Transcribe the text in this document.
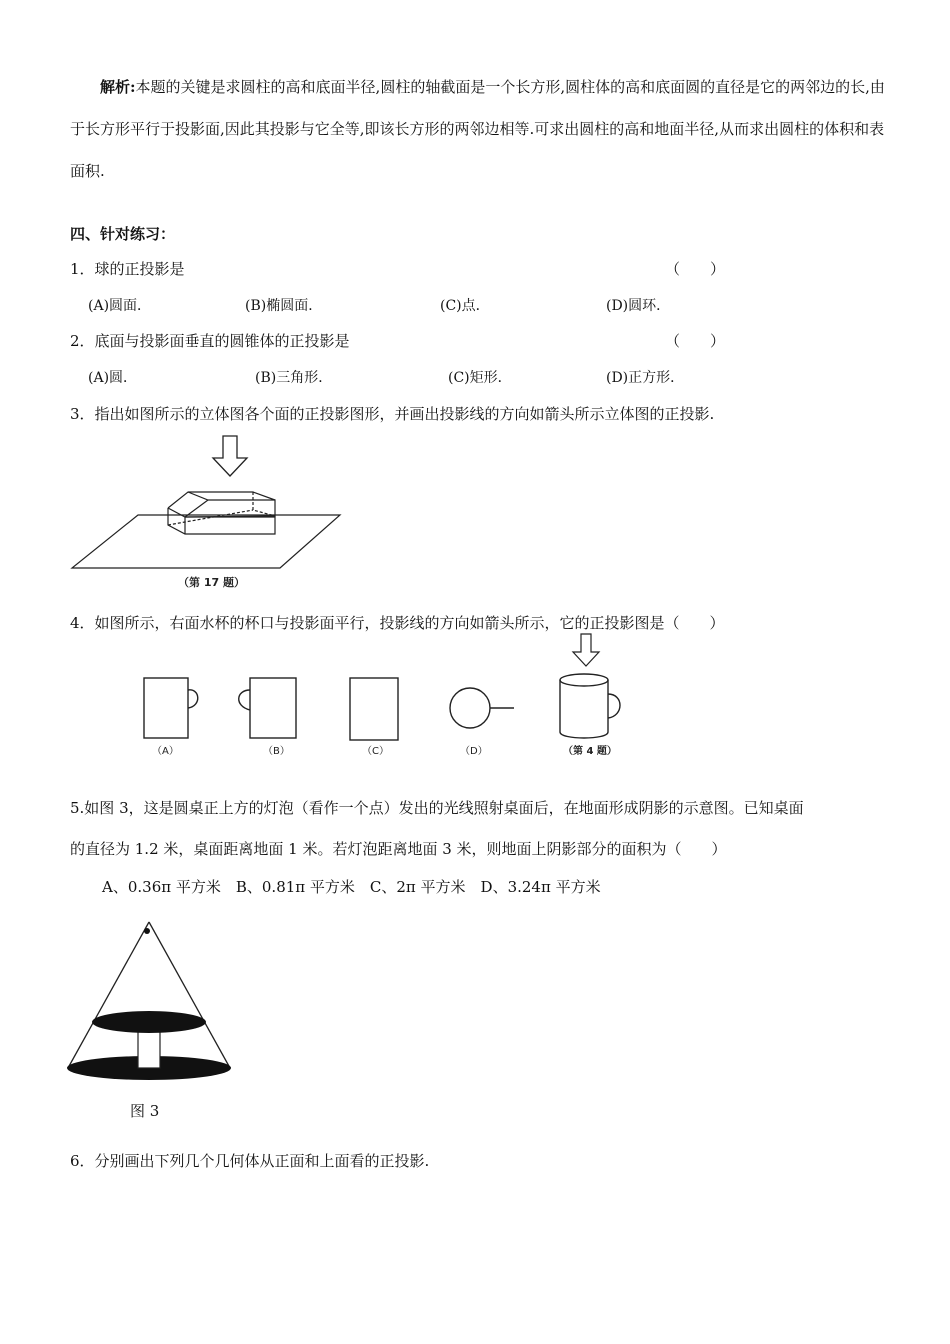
解析:本题的关键是求圆柱的高和底面半径,圆柱的轴截面是一个长方形,圆柱体的高和底面圆的直径是它的两邻边的长,由于长方形平行于投影面,因此其投影与它全等,即该长方形的两邻边相等.可求出圆柱的高和地面半径,从而求出圆柱的体积和表面积.
四、针对练习：
1．球的正投影是	（　　）
(A)圆面．	(B)椭圆面．	(C)点．	(D)圆环．
2．底面与投影面垂直的圆锥体的正投影是	（　　）
(A)圆．	(B)三角形．	(C)矩形．	(D)正方形．
3．指出如图所示的立体图各个面的正投影图形，并画出投影线的方向如箭头所示立体图的正投影.
（第 17 题）
4．如图所示，右面水杯的杯口与投影面平行，投影线的方向如箭头所示，它的正投影图是（　　）
（A）	（B）	（C）	（D）	（第 4 题）
5.如图 3，这是圆桌正上方的灯泡（看作一个点）发出的光线照射桌面后，在地面形成阴影的示意图。已知桌面
的直径为 1.2 米，桌面距离地面 1 米。若灯泡距离地面 3 米，则地面上阴影部分的面积为（　　）
A、0.36π 平方米　B、0.81π 平方米　C、2π 平方米　D、3.24π 平方米
图 3
6．分别画出下列几个几何体从正面和上面看的正投影.
